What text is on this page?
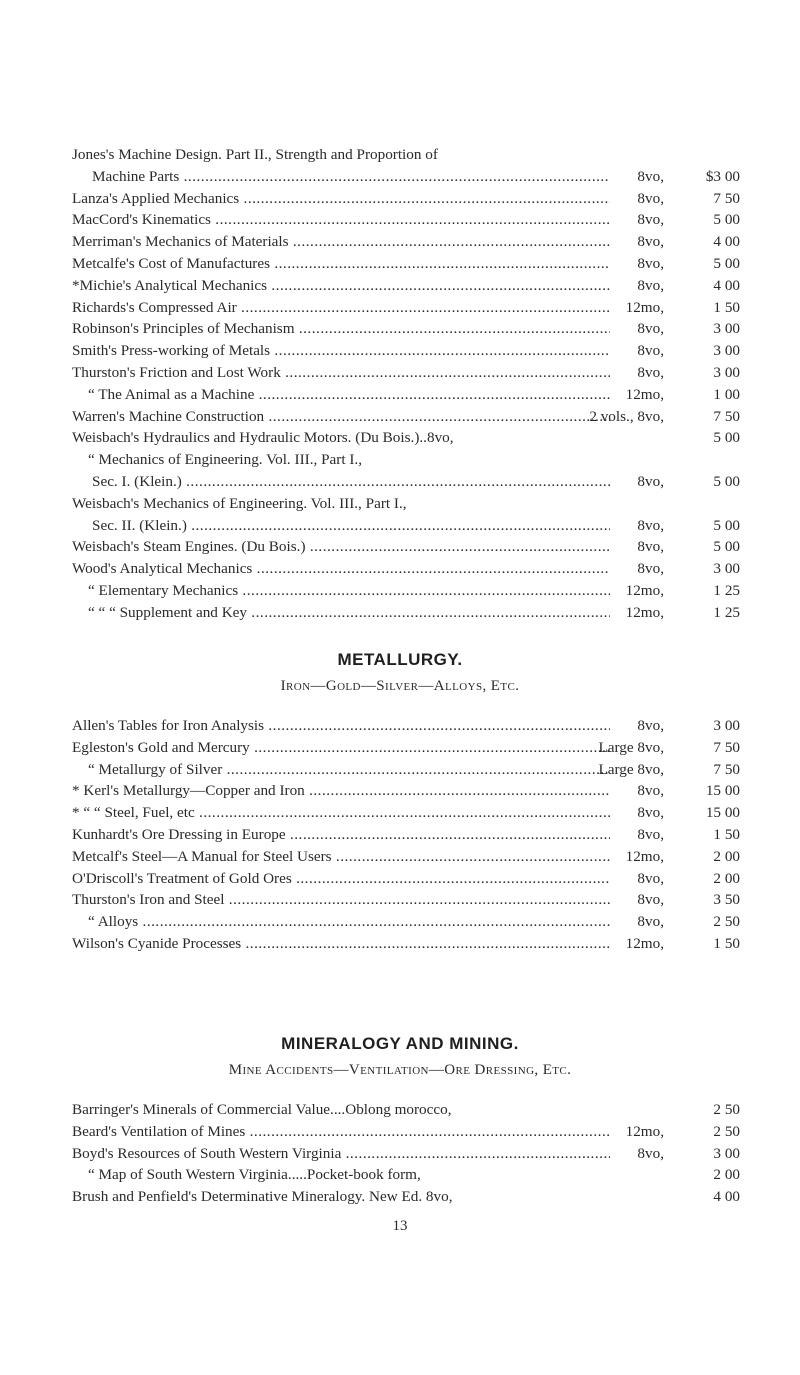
Jones's Machine Design. Part II., Strength and Proportion of
Machine Parts .....	8vo,	$3 00
Lanza's Applied Mechanics .....	8vo,	7 50
MacCord's Kinematics .....	8vo,	5 00
Merriman's Mechanics of Materials .....	8vo,	4 00
Metcalfe's Cost of Manufactures .....	8vo,	5 00
*Michie's Analytical Mechanics .....	8vo,	4 00
Richards's Compressed Air .....	12mo,	1 50
Robinson's Principles of Mechanism .....	8vo,	3 00
Smith's Press-working of Metals .....	8vo,	3 00
Thurston's Friction and Lost Work .....	8vo,	3 00
“ The Animal as a Machine .....	12mo,	1 00
Warren's Machine Construction .....	2 vols., 8vo,	7 50
Weisbach's Hydraulics and Hydraulic Motors. (Du Bois.)..8vo,	5 00
“ Mechanics of Engineering. Vol. III., Part I.,
Sec. I. (Klein.) .....	8vo,	5 00
Weisbach's Mechanics of Engineering. Vol. III., Part I.,
Sec. II. (Klein.) .....	8vo,	5 00
Weisbach's Steam Engines. (Du Bois.) .....	8vo,	5 00
Wood's Analytical Mechanics .....	8vo,	3 00
“ Elementary Mechanics .....	12mo,	1 25
“ “ “ Supplement and Key .....	12mo,	1 25
METALLURGY.
Iron—Gold—Silver—Alloys, Etc.
Allen's Tables for Iron Analysis .....	8vo,	3 00
Egleston's Gold and Mercury .....	Large 8vo,	7 50
“ Metallurgy of Silver .....	Large 8vo,	7 50
* Kerl's Metallurgy—Copper and Iron .....	8vo,	15 00
* “ “ Steel, Fuel, etc .....	8vo,	15 00
Kunhardt's Ore Dressing in Europe .....	8vo,	1 50
Metcalf's Steel—A Manual for Steel Users .....	12mo,	2 00
O'Driscoll's Treatment of Gold Ores .....	8vo,	2 00
Thurston's Iron and Steel .....	8vo,	3 50
“ Alloys .....	8vo,	2 50
Wilson's Cyanide Processes .....	12mo,	1 50
MINERALOGY AND MINING.
Mine Accidents—Ventilation—Ore Dressing, Etc.
Barringer's Minerals of Commercial Value....Oblong morocco,	2 50
Beard's Ventilation of Mines .....	12mo,	2 50
Boyd's Resources of South Western Virginia .....	8vo,	3 00
“ Map of South Western Virginia.....Pocket-book form,	2 00
Brush and Penfield's Determinative Mineralogy. New Ed. 8vo,	4 00
13
